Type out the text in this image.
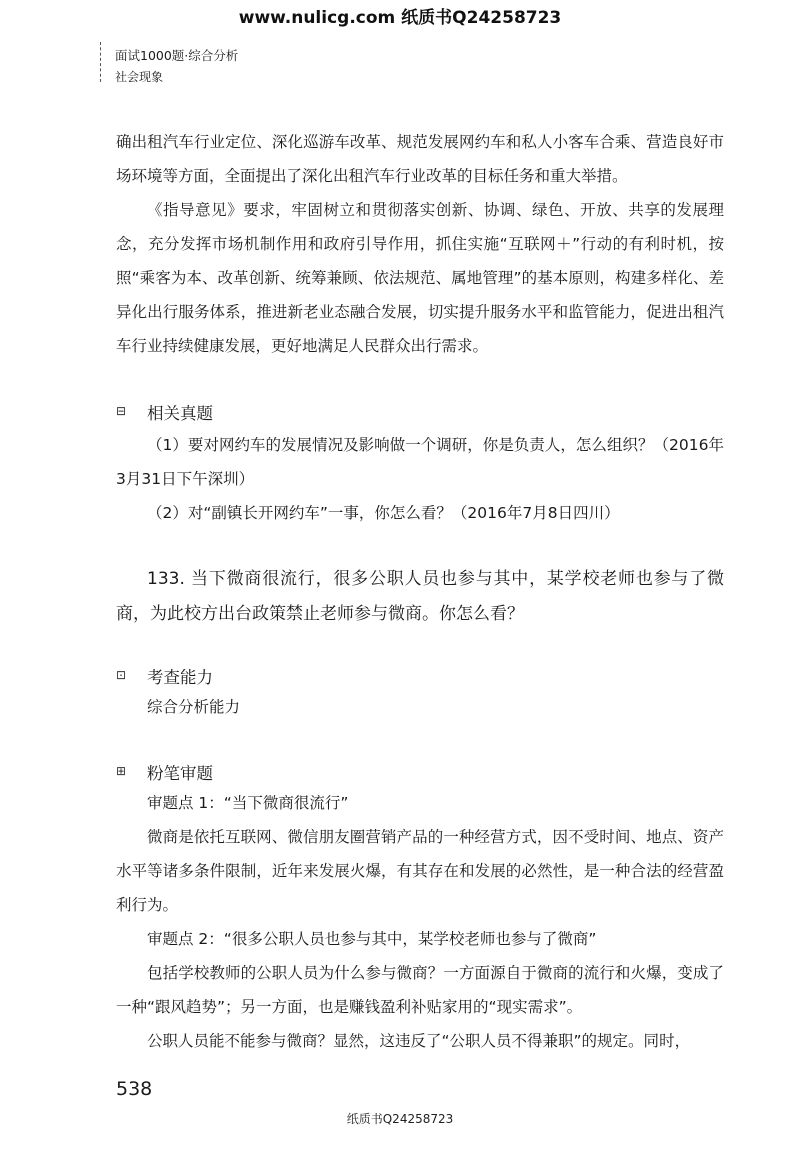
www.nulicg.com 纸质书Q24258723
面试1000题·综合分析
社会现象

确出租汽车行业定位、深化巡游车改革、规范发展网约车和私人小客车合乘、营造良好市场环境等方面，全面提出了深化出租汽车行业改革的目标任务和重大举措。

《指导意见》要求，牢固树立和贯彻落实创新、协调、绿色、开放、共享的发展理念，充分发挥市场机制作用和政府引导作用，抓住实施“互联网＋”行动的有利时机，按照“乘客为本、改革创新、统筹兼顾、依法规范、属地管理”的基本原则，构建多样化、差异化出行服务体系，推进新老业态融合发展，切实提升服务水平和监管能力，促进出租汽车行业持续健康发展，更好地满足人民群众出行需求。

⊟ 相关真题

（1）要对网约车的发展情况及影响做一个调研，你是负责人，怎么组织？（2016年3月31日下午深圳）

（2）对“副镇长开网约车”一事，你怎么看？（2016年7月8日四川）

133. 当下微商很流行，很多公职人员也参与其中，某学校老师也参与了微商，为此校方出台政策禁止老师参与微商。你怎么看？

⊡ 考查能力
综合分析能力
⊞ 粉笔审题

审题点 1：“当下微商很流行”

微商是依托互联网、微信朋友圈营销产品的一种经营方式，因不受时间、地点、资产水平等诸多条件限制，近年来发展火爆，有其存在和发展的必然性，是一种合法的经营盈利行为。

审题点 2：“很多公职人员也参与其中，某学校老师也参与了微商”

包括学校教师的公职人员为什么参与微商？一方面源自于微商的流行和火爆，变成了一种“跟风趋势”；另一方面，也是赚钱盈利补贴家用的“现实需求”。

公职人员能不能参与微商？显然，这违反了“公职人员不得兼职”的规定。同时，

538
纸质书Q24258723
